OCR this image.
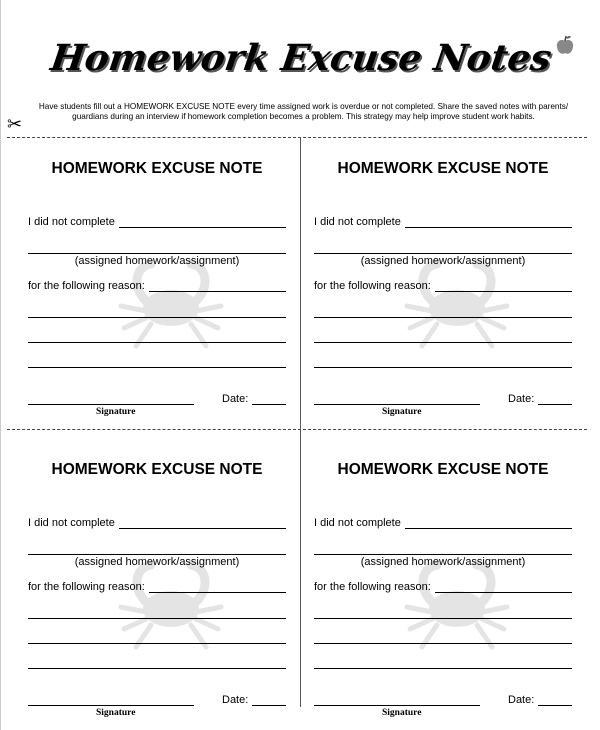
Homework Excuse Notes
Have students fill out a HOMEWORK EXCUSE NOTE every time assigned work is overdue or not completed. Share the saved notes with parents/ guardians during an interview if homework completion becomes a problem. This strategy may help improve student work habits.
✂
HOMEWORK EXCUSE NOTE
I did not complete
(assigned homework/assignment)
for the following reason:
Date:
Signature
HOMEWORK EXCUSE NOTE
I did not complete
(assigned homework/assignment)
for the following reason:
Date:
Signature
HOMEWORK EXCUSE NOTE
I did not complete
(assigned homework/assignment)
for the following reason:
Date:
Signature
HOMEWORK EXCUSE NOTE
I did not complete
(assigned homework/assignment)
for the following reason:
Date:
Signature
